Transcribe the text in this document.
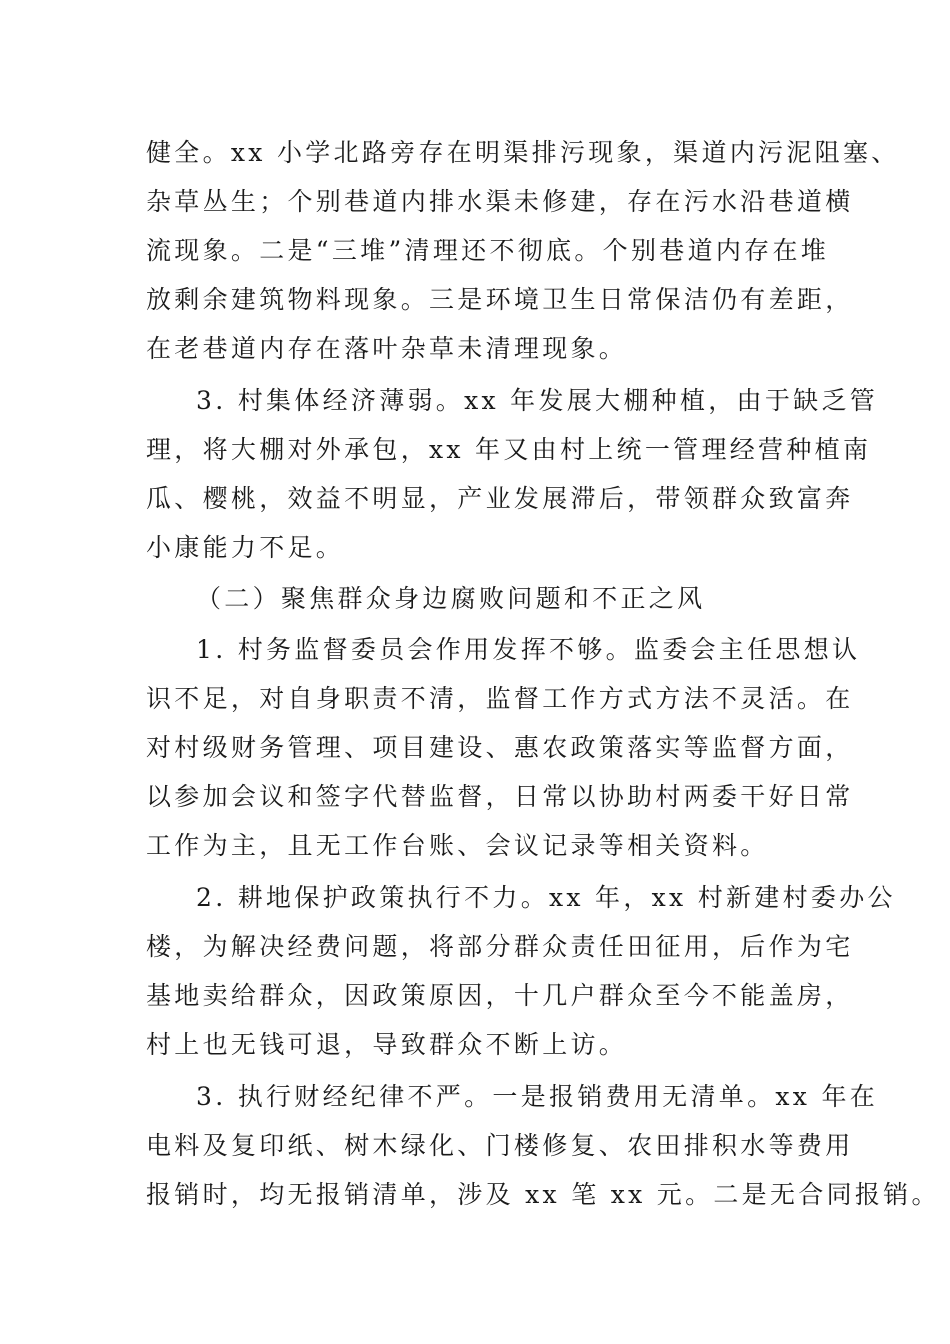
健全。xx 小学北路旁存在明渠排污现象，渠道内污泥阻塞、
杂草丛生；个别巷道内排水渠未修建，存在污水沿巷道横
流现象。二是“三堆”清理还不彻底。个别巷道内存在堆
放剩余建筑物料现象。三是环境卫生日常保洁仍有差距，
在老巷道内存在落叶杂草未清理现象。
3. 村集体经济薄弱。xx 年发展大棚种植，由于缺乏管
理，将大棚对外承包，xx 年又由村上统一管理经营种植南
瓜、樱桃，效益不明显，产业发展滞后，带领群众致富奔
小康能力不足。
（二）聚焦群众身边腐败问题和不正之风
1. 村务监督委员会作用发挥不够。监委会主任思想认
识不足，对自身职责不清，监督工作方式方法不灵活。在
对村级财务管理、项目建设、惠农政策落实等监督方面，
以参加会议和签字代替监督，日常以协助村两委干好日常
工作为主，且无工作台账、会议记录等相关资料。
2. 耕地保护政策执行不力。xx 年，xx 村新建村委办公
楼，为解决经费问题，将部分群众责任田征用，后作为宅
基地卖给群众，因政策原因，十几户群众至今不能盖房，
村上也无钱可退，导致群众不断上访。
3. 执行财经纪律不严。一是报销费用无清单。xx 年在
电料及复印纸、树木绿化、门楼修复、农田排积水等费用
报销时，均无报销清单，涉及 xx 笔 xx 元。二是无合同报销。
